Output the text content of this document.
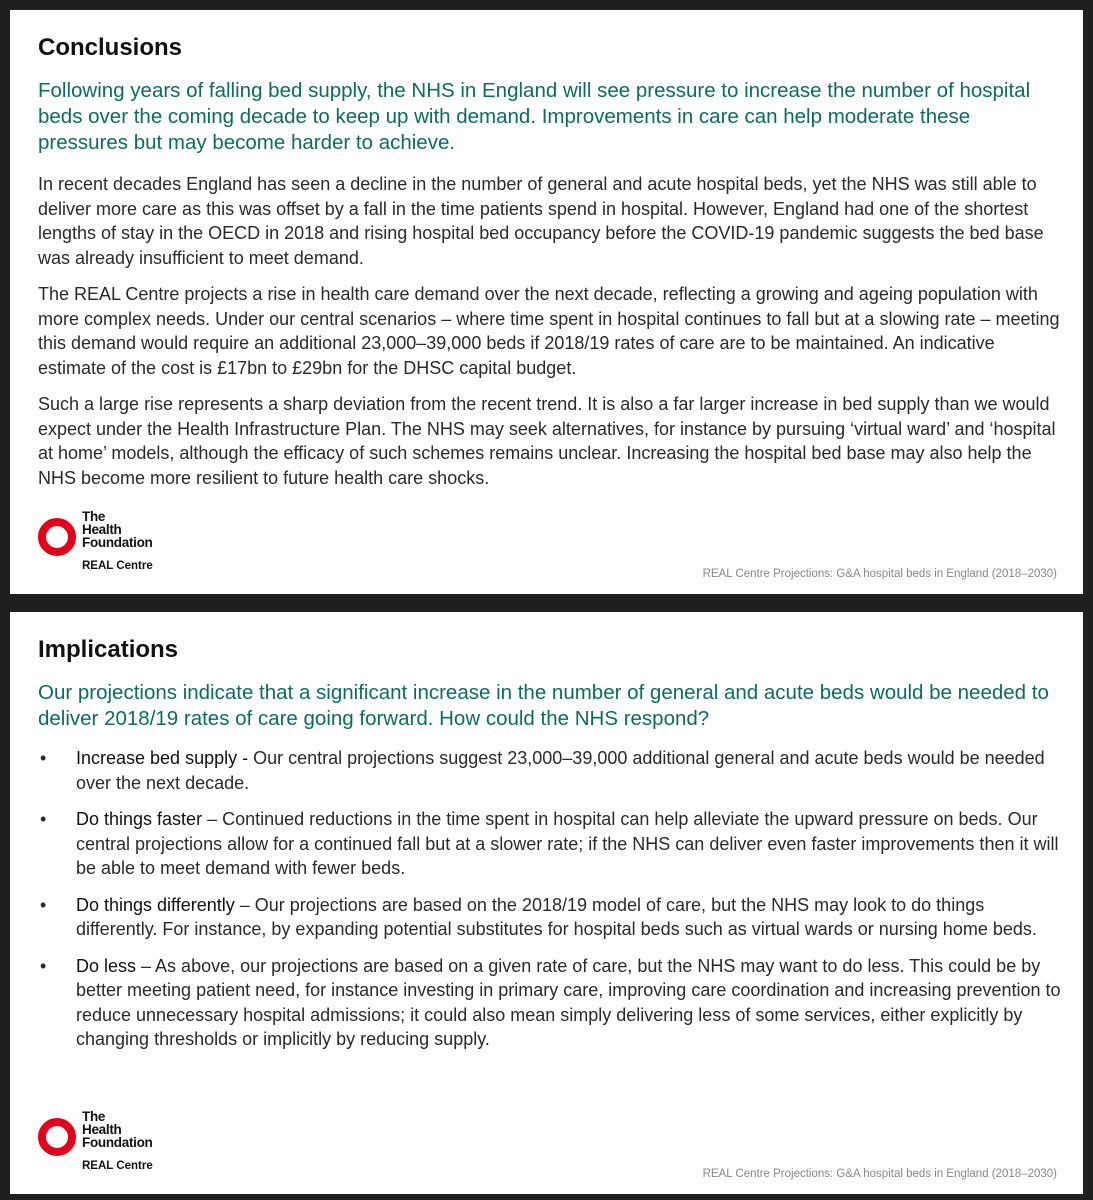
Conclusions
Following years of falling bed supply, the NHS in England will see pressure to increase the number of hospital beds over the coming decade to keep up with demand. Improvements in care can help moderate these pressures but may become harder to achieve.

In recent decades England has seen a decline in the number of general and acute hospital beds, yet the NHS was still able to deliver more care as this was offset by a fall in the time patients spend in hospital. However, England had one of the shortest lengths of stay in the OECD in 2018 and rising hospital bed occupancy before the COVID-19 pandemic suggests the bed base was already insufficient to meet demand.

The REAL Centre projects a rise in health care demand over the next decade, reflecting a growing and ageing population with more complex needs. Under our central scenarios – where time spent in hospital continues to fall but at a slowing rate – meeting this demand would require an additional 23,000–39,000 beds if 2018/19 rates of care are to be maintained. An indicative estimate of the cost is £17bn to £29bn for the DHSC capital budget.

Such a large rise represents a sharp deviation from the recent trend. It is also a far larger increase in bed supply than we would expect under the Health Infrastructure Plan. The NHS may seek alternatives, for instance by pursuing ‘virtual ward’ and ‘hospital at home’ models, although the efficacy of such schemes remains unclear. Increasing the hospital bed base may also help the NHS become more resilient to future health care shocks.

The
Health
Foundation
REAL Centre
REAL Centre Projections: G&A hospital beds in England (2018–2030)
Implications
Our projections indicate that a significant increase in the number of general and acute beds would be needed to deliver 2018/19 rates of care going forward. How could the NHS respond?
• Increase bed supply - Our central projections suggest 23,000–39,000 additional general and acute beds would be needed over the next decade.
• Do things faster – Continued reductions in the time spent in hospital can help alleviate the upward pressure on beds. Our central projections allow for a continued fall but at a slower rate; if the NHS can deliver even faster improvements then it will be able to meet demand with fewer beds.
• Do things differently – Our projections are based on the 2018/19 model of care, but the NHS may look to do things differently. For instance, by expanding potential substitutes for hospital beds such as virtual wards or nursing home beds.
• Do less – As above, our projections are based on a given rate of care, but the NHS may want to do less. This could be by better meeting patient need, for instance investing in primary care, improving care coordination and increasing prevention to reduce unnecessary hospital admissions; it could also mean simply delivering less of some services, either explicitly by changing thresholds or implicitly by reducing supply.
The
Health
Foundation
REAL Centre
REAL Centre Projections: G&A hospital beds in England (2018–2030)
